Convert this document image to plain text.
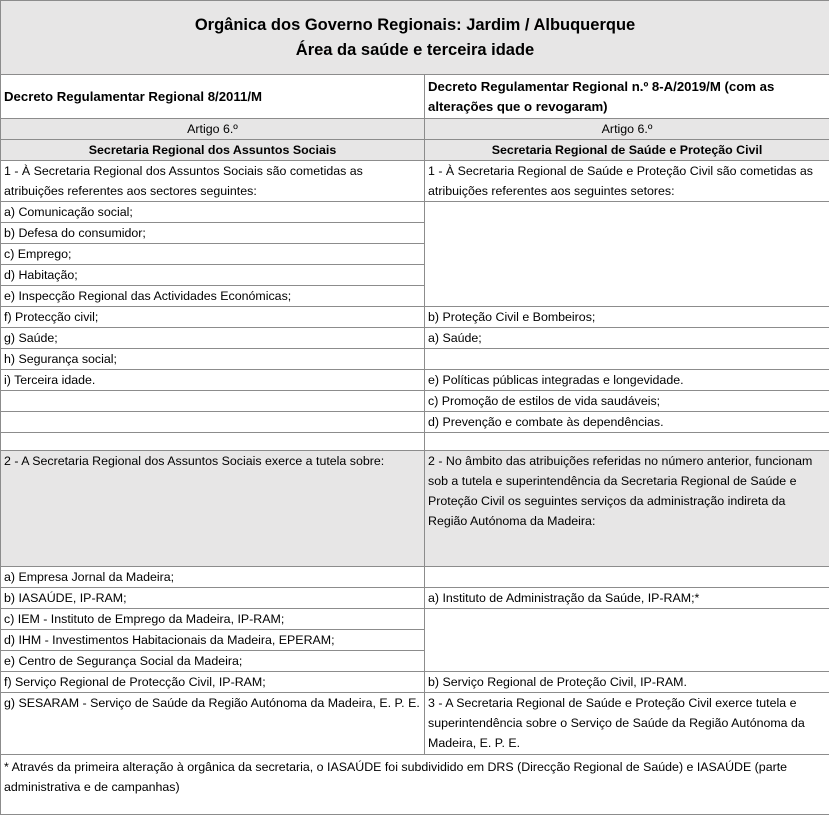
Orgânica dos Governo Regionais: Jardim / Albuquerque
Área da saúde e terceira idade	

Decreto Regulamentar Regional 8/2011/M	Decreto Regulamentar Regional n.º 8-A/2019/M (com as alterações que o revogaram)
Artigo 6.º	Artigo 6.º
Secretaria Regional dos Assuntos Sociais	Secretaria Regional de Saúde e Proteção Civil
1 - À Secretaria Regional dos Assuntos Sociais são cometidas as atribuições referentes aos sectores seguintes:	1 - À Secretaria Regional de Saúde e Proteção Civil são cometidas as atribuições referentes aos seguintes setores:
a) Comunicação social;	
b) Defesa do consumidor;	
c) Emprego;	
d) Habitação;	
e) Inspecção Regional das Actividades Económicas;	
f) Protecção civil;	b) Proteção Civil e Bombeiros;
g) Saúde;	a) Saúde;
h) Segurança social;	
i) Terceira idade.	e) Políticas públicas integradas e longevidade.
	c) Promoção de estilos de vida saudáveis;
	d) Prevenção e combate às dependências.

2 - A Secretaria Regional dos Assuntos Sociais exerce a tutela sobre:	2 - No âmbito das atribuições referidas no número anterior, funcionam sob a tutela e superintendência da Secretaria Regional de Saúde e Proteção Civil os seguintes serviços da administração indireta da Região Autónoma da Madeira:
a) Empresa Jornal da Madeira;	
b) IASAÚDE, IP-RAM;	a) Instituto de Administração da Saúde, IP-RAM;*
c) IEM - Instituto de Emprego da Madeira, IP-RAM;	
d) IHM - Investimentos Habitacionais da Madeira, EPERAM;	
e) Centro de Segurança Social da Madeira;	
f) Serviço Regional de Protecção Civil, IP-RAM;	b) Serviço Regional de Proteção Civil, IP-RAM.
g) SESARAM - Serviço de Saúde da Região Autónoma da Madeira, E. P. E.	3 - A Secretaria Regional de Saúde e Proteção Civil exerce tutela e superintendência sobre o Serviço de Saúde da Região Autónoma da Madeira, E. P. E.
* Através da primeira alteração à orgânica da secretaria, o IASAÚDE foi subdividido em DRS (Direcção Regional de Saúde) e IASAÚDE (parte administrativa e de campanhas)	
